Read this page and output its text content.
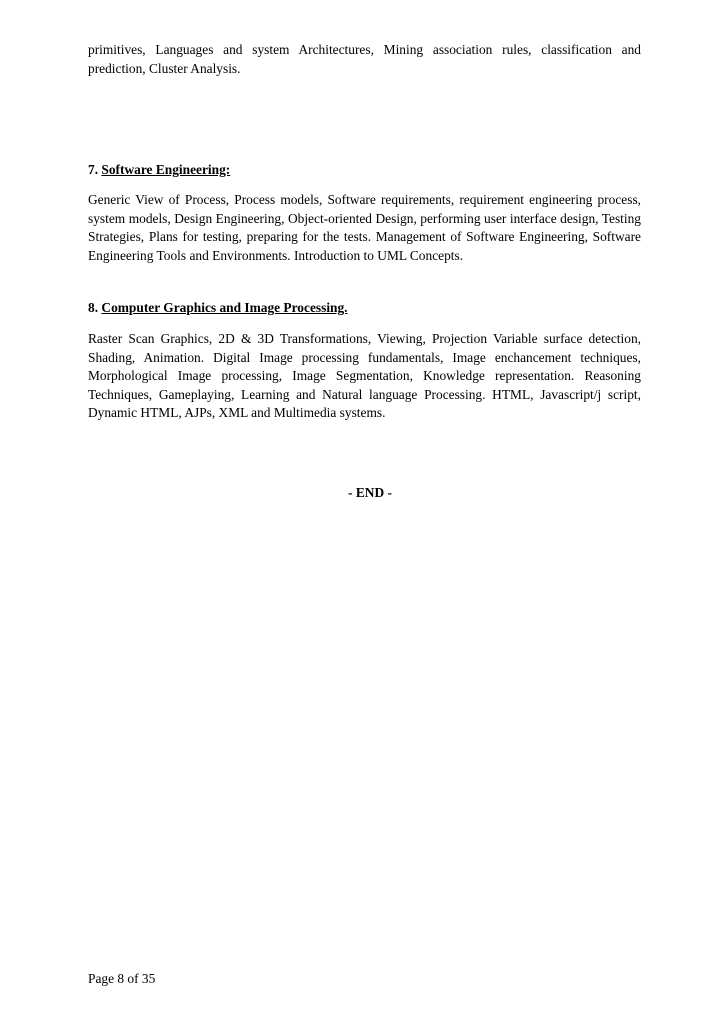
primitives, Languages and system Architectures, Mining association rules, classification and prediction, Cluster Analysis.

7. Software Engineering:

Generic View of Process, Process models, Software requirements, requirement engineering process, system models, Design Engineering, Object-oriented Design, performing user interface design, Testing Strategies, Plans for testing, preparing for the tests. Management of Software Engineering, Software Engineering Tools and Environments. Introduction to UML Concepts.

8. Computer Graphics and Image Processing.

Raster Scan Graphics, 2D & 3D Transformations, Viewing, Projection Variable surface detection, Shading, Animation. Digital Image processing fundamentals, Image enchancement techniques, Morphological Image processing, Image Segmentation, Knowledge representation. Reasoning Techniques, Gameplaying, Learning and Natural language Processing. HTML, Javascript/j script, Dynamic HTML, AJPs, XML and Multimedia systems.

- END -

Page 8 of 35
